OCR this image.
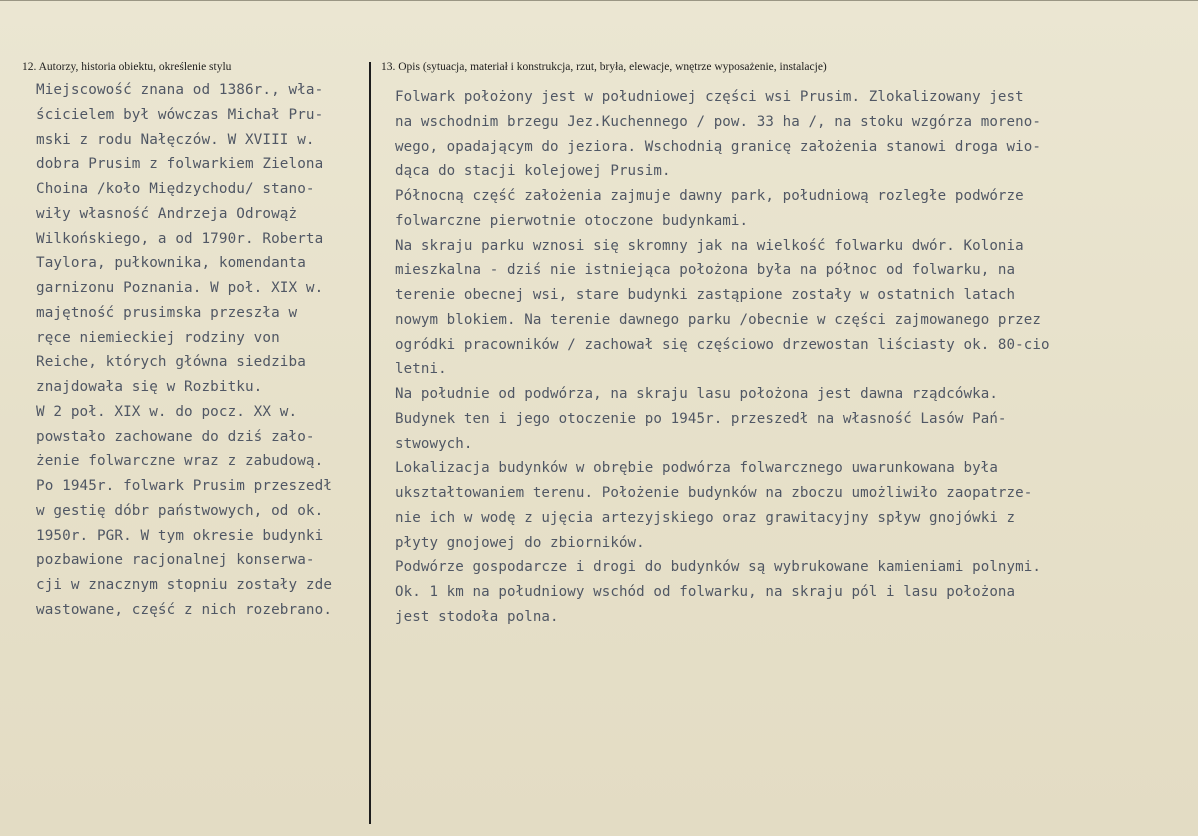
12. Autorzy, historia obiektu, określenie stylu	13. Opis (sytuacja, materiał i konstrukcja, rzut, bryła, elewacje, wnętrze wyposażenie, instalacje)
Miejscowość znana od 1386r., wła-
ścicielem był wówczas Michał Pru-
mski z rodu Nałęczów. W XVIII w.
dobra Prusim z folwarkiem Zielona
Choina /koło Międzychodu/ stano-
wiły własność Andrzeja Odrowąż
Wilkońskiego, a od 1790r. Roberta
Taylora, pułkownika, komendanta
garnizonu Poznania. W poł. XIX w.
majętność prusimska przeszła w
ręce niemieckiej rodziny von
Reiche, których główna siedziba
znajdowała się w Rozbitku.
W 2 poł. XIX w. do pocz. XX w.
powstało zachowane do dziś zało-
żenie folwarczne wraz z zabudową.
Po 1945r. folwark Prusim przeszedł
w gestię dóbr państwowych, od ok.
1950r. PGR. W tym okresie budynki
pozbawione racjonalnej konserwa-
cji w znacznym stopniu zostały zde
wastowane, część z nich rozebrano.
Folwark położony jest w południowej części wsi Prusim. Zlokalizowany jest
na wschodnim brzegu Jez.Kuchennego / pow. 33 ha /, na stoku wzgórza moreno-
wego, opadającym do jeziora. Wschodnią granicę założenia stanowi droga wio-
dąca do stacji kolejowej Prusim.
Północną część założenia zajmuje dawny park, południową rozległe podwórze
folwarczne pierwotnie otoczone budynkami.
Na skraju parku wznosi się skromny jak na wielkość folwarku dwór. Kolonia
mieszkalna - dziś nie istniejąca położona była na północ od folwarku, na
terenie obecnej wsi, stare budynki zastąpione zostały w ostatnich latach
nowym blokiem. Na terenie dawnego parku /obecnie w części zajmowanego przez
ogródki pracowników / zachował się częściowo drzewostan liściasty ok. 80-cio
letni.
Na południe od podwórza, na skraju lasu położona jest dawna rządcówka.
Budynek ten i jego otoczenie po 1945r. przeszedł na własność Lasów Pań-
stwowych.
Lokalizacja budynków w obrębie podwórza folwarcznego uwarunkowana była
ukształtowaniem terenu. Położenie budynków na zboczu umożliwiło zaopatrze-
nie ich w wodę z ujęcia artezyjskiego oraz grawitacyjny spływ gnojówki z
płyty gnojowej do zbiorników.
Podwórze gospodarcze i drogi do budynków są wybrukowane kamieniami polnymi.
Ok. 1 km na południowy wschód od folwarku, na skraju pól i lasu położona
jest stodoła polna.
